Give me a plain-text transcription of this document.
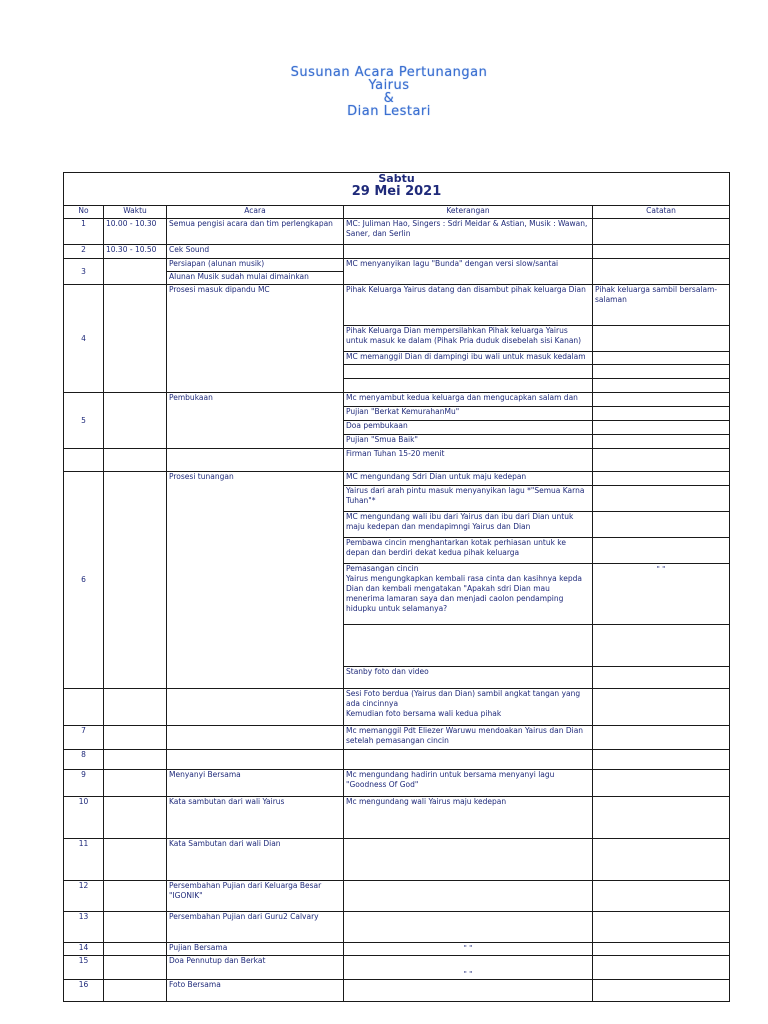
Susunan Acara Pertunangan
Yairus
&
Dian Lestari
Sabtu
29 Mei 2021				

No	Waktu	Acara	Keterangan	Catatan
1	10.00 - 10.30	Semua pengisi acara dan tim perlengkapan	MC: Juliman Hao, Singers : Sdri Meidar & Astian, Musik : Wawan, Saner, dan Serlin	
2	10.30 - 10.50	Cek Sound		
3		Persiapan (alunan musik)	MC menyanyikan lagu "Bunda" dengan versi slow/santai	
		Alunan Musik sudah mulai dimainkan		
4		Prosesi masuk dipandu MC	Pihak Keluarga Yairus datang dan disambut pihak keluarga Dian	Pihak keluarga sambil bersalam-salaman
			Pihak Keluarga Dian mempersilahkan Pihak keluarga Yairus untuk masuk ke dalam (Pihak Pria duduk disebelah sisi Kanan)	
			MC memanggil Dian di dampingi ibu wali untuk masuk kedalam	

5		Pembukaan	Mc menyambut kedua keluarga dan mengucapkan salam dan	
			Pujian "Berkat KemurahanMu"	
			Doa pembukaan	
			Pujian "Smua Baik"	
			Firman Tuhan 15-20 menit	
6		Prosesi tunangan	MC mengundang Sdri Dian untuk maju kedepan	
			Yairus dari arah pintu masuk menyanyikan lagu *"Semua Karna Tuhan"*	
			MC mengundang wali ibu dari Yairus dan ibu dari Dian untuk maju kedepan dan mendapimngi Yairus dan Dian	
			Pembawa cincin menghantarkan kotak perhiasan untuk ke depan dan berdiri dekat kedua pihak keluarga	

			Pemasangan cincin
Yairus mengungkapkan kembali rasa cinta dan kasihnya kepda Dian dan kembali mengatakan "Apakah sdri Dian mau menerima lamaran saya dan menjadi caolon pendamping hidupku untuk selamanya?	" "

			Stanby foto dan video	

			Sesi Foto berdua (Yairus dan Dian) sambil angkat tangan yang ada cincinnya
Kemudian foto bersama wali kedua pihak	

7			Mc memanggil Pdt Eliezer Waruwu mendoakan Yairus dan Dian setelah pemasangan cincin	
8				
9		Menyanyi Bersama	Mc mengundang hadirin untuk bersama menyanyi lagu "Goodness Of God"	
10		Kata sambutan dari wali Yairus	Mc mengundang wali Yairus maju kedepan	
11		Kata Sambutan dari wali Dian		
12		Persembahan Pujian dari Keluarga Besar "IGONIK"		
13		Persembahan Pujian dari Guru2 Calvary		
14		Pujian Bersama	" "	
15		Doa Pennutup dan Berkat	" "	
16		Foto Bersama		
